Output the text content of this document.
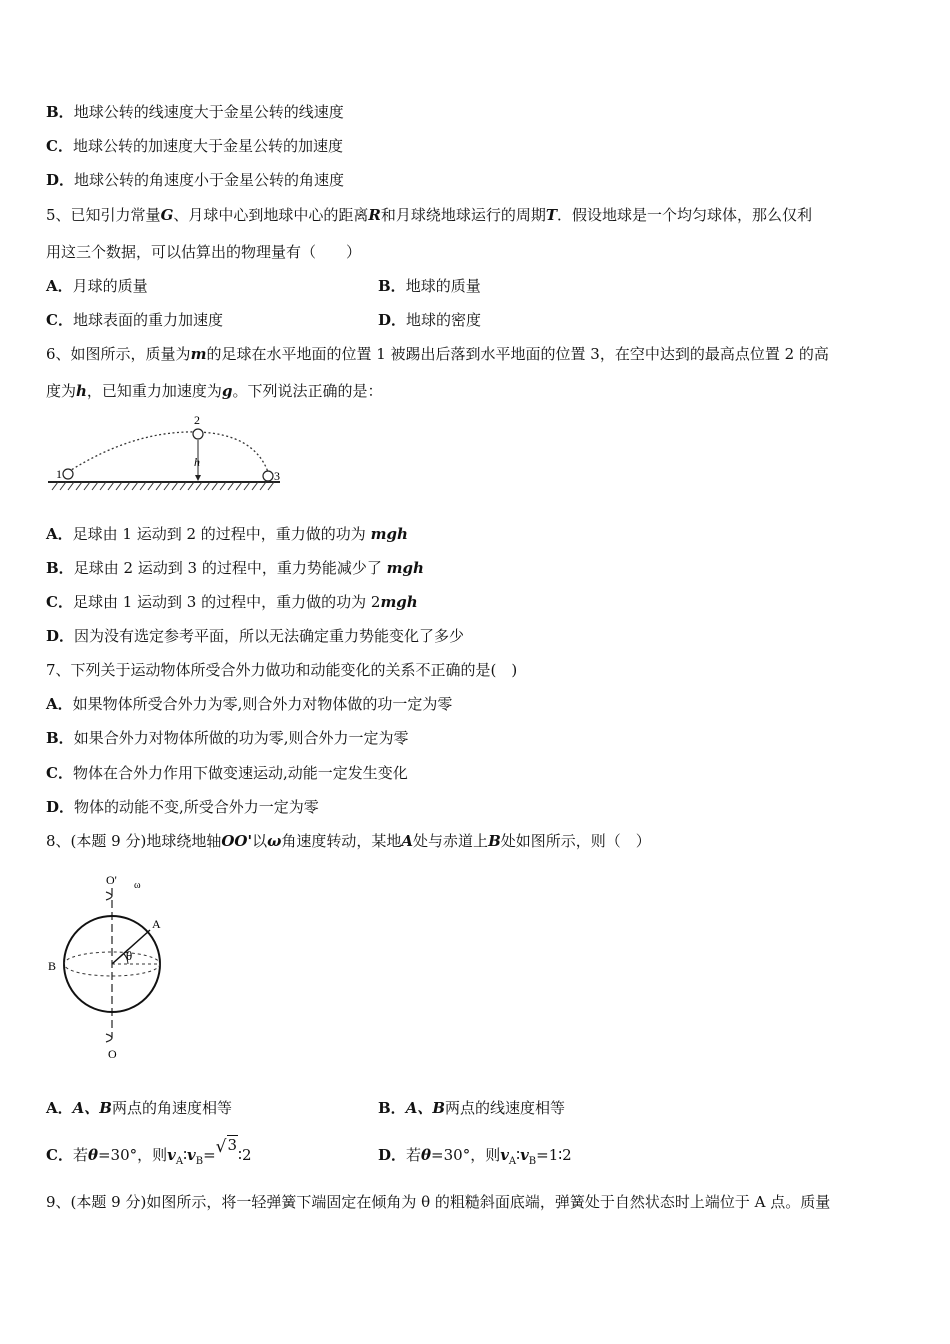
B．地球公转的线速度大于金星公转的线速度
C．地球公转的加速度大于金星公转的加速度
D．地球公转的角速度小于金星公转的角速度
5、已知引力常量G、月球中心到地球中心的距离R和月球绕地球运行的周期T．假设地球是一个均匀球体，那么仅利
用这三个数据，可以估算出的物理量有（　　）
A．月球的质量	B．地球的质量
C．地球表面的重力加速度	D．地球的密度
6、如图所示，质量为m的足球在水平地面的位置 1 被踢出后落到水平地面的位置 3，在空中达到的最高点位置 2 的高
度为h，已知重力加速度为g。下列说法正确的是：
1
2
3
h
A．足球由 1 运动到 2 的过程中，重力做的功为 mgh
B．足球由 2 运动到 3 的过程中，重力势能减少了 mgh
C．足球由 1 运动到 3 的过程中，重力做的功为 2mgh
D．因为没有选定参考平面，所以无法确定重力势能变化了多少
7、下列关于运动物体所受合外力做功和动能变化的关系不正确的是(　)
A．如果物体所受合外力为零,则合外力对物体做的功一定为零
B．如果合外力对物体所做的功为零,则合外力一定为零
C．物体在合外力作用下做变速运动,动能一定发生变化
D．物体的动能不变,所受合外力一定为零
8、(本题 9 分)地球绕地轴OO'以ω角速度转动，某地A处与赤道上B处如图所示，则（　）
O' ω
A
B
θ
O
A．A、B两点的角速度相等	B．A、B两点的线速度相等
C．若θ=30°，则$v_A∶v_B=√3∶2$	D．若θ=30°，则$v_A∶v_B=1∶2$
9、(本题 9 分)如图所示，将一轻弹簧下端固定在倾角为 θ 的粗糙斜面底端，弹簧处于自然状态时上端位于 A 点。质量
